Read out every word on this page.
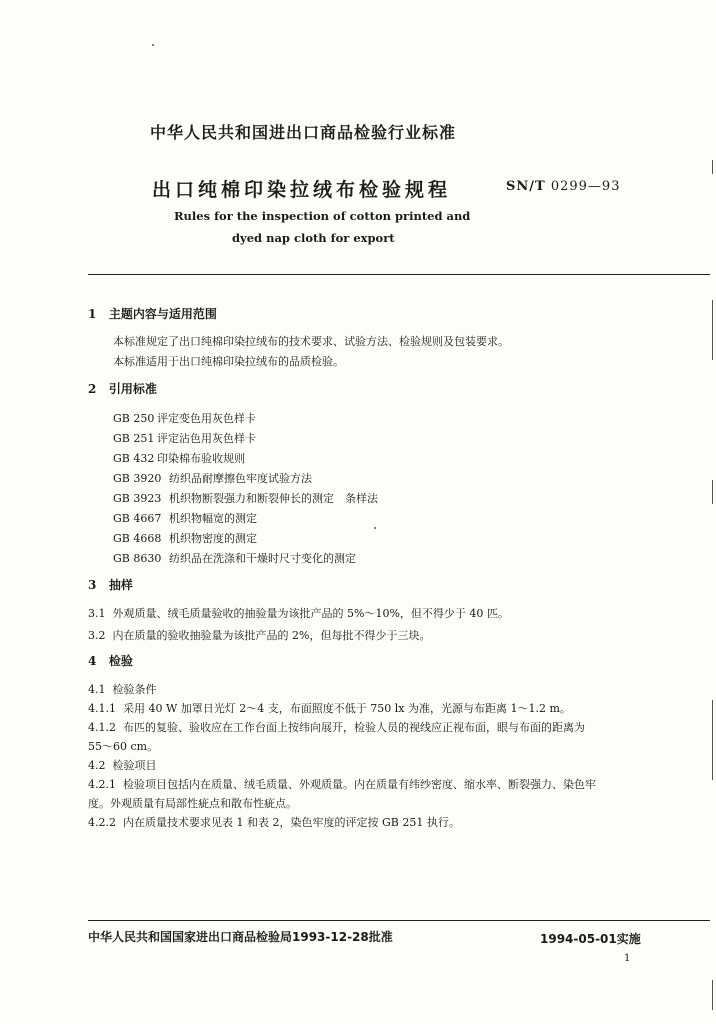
中华人民共和国进出口商品检验行业标准
出口纯棉印染拉绒布检验规程	SN/T 0299—93
Rules for the inspection of cotton printed and
dyed nap cloth for export
1 主题内容与适用范围
本标准规定了出口纯棉印染拉绒布的技术要求、试验方法、检验规则及包装要求。
本标准适用于出口纯棉印染拉绒布的品质检验。
2 引用标准
GB 250 评定变色用灰色样卡
GB 251 评定沾色用灰色样卡
GB 432 印染棉布验收规则
GB 3920 纺织品耐摩擦色牢度试验方法
GB 3923 机织物断裂强力和断裂伸长的测定　条样法
GB 4667 机织物幅宽的测定
GB 4668 机织物密度的测定
GB 8630 纺织品在洗涤和干燥时尺寸变化的测定
3 抽样
3.1 外观质量、绒毛质量验收的抽验量为该批产品的 5%～10%，但不得少于 40 匹。
3.2 内在质量的验收抽验量为该批产品的 2%，但每批不得少于三块。
4 检验
4.1 检验条件
4.1.1 采用 40 W 加罩日光灯 2～4 支，布面照度不低于 750 lx 为准，光源与布距离 1～1.2 m。
4.1.2 布匹的复验、验收应在工作台面上按纬向展开，检验人员的视线应正视布面，眼与布面的距离为
55～60 cm。
4.2 检验项目
4.2.1 检验项目包括内在质量、绒毛质量、外观质量。内在质量有纬纱密度、缩水率、断裂强力、染色牢
度。外观质量有局部性疵点和散布性疵点。
4.2.2 内在质量技术要求见表 1 和表 2，染色牢度的评定按 GB 251 执行。
中华人民共和国国家进出口商品检验局1993-12-28批准	1994-05-01实施
1
